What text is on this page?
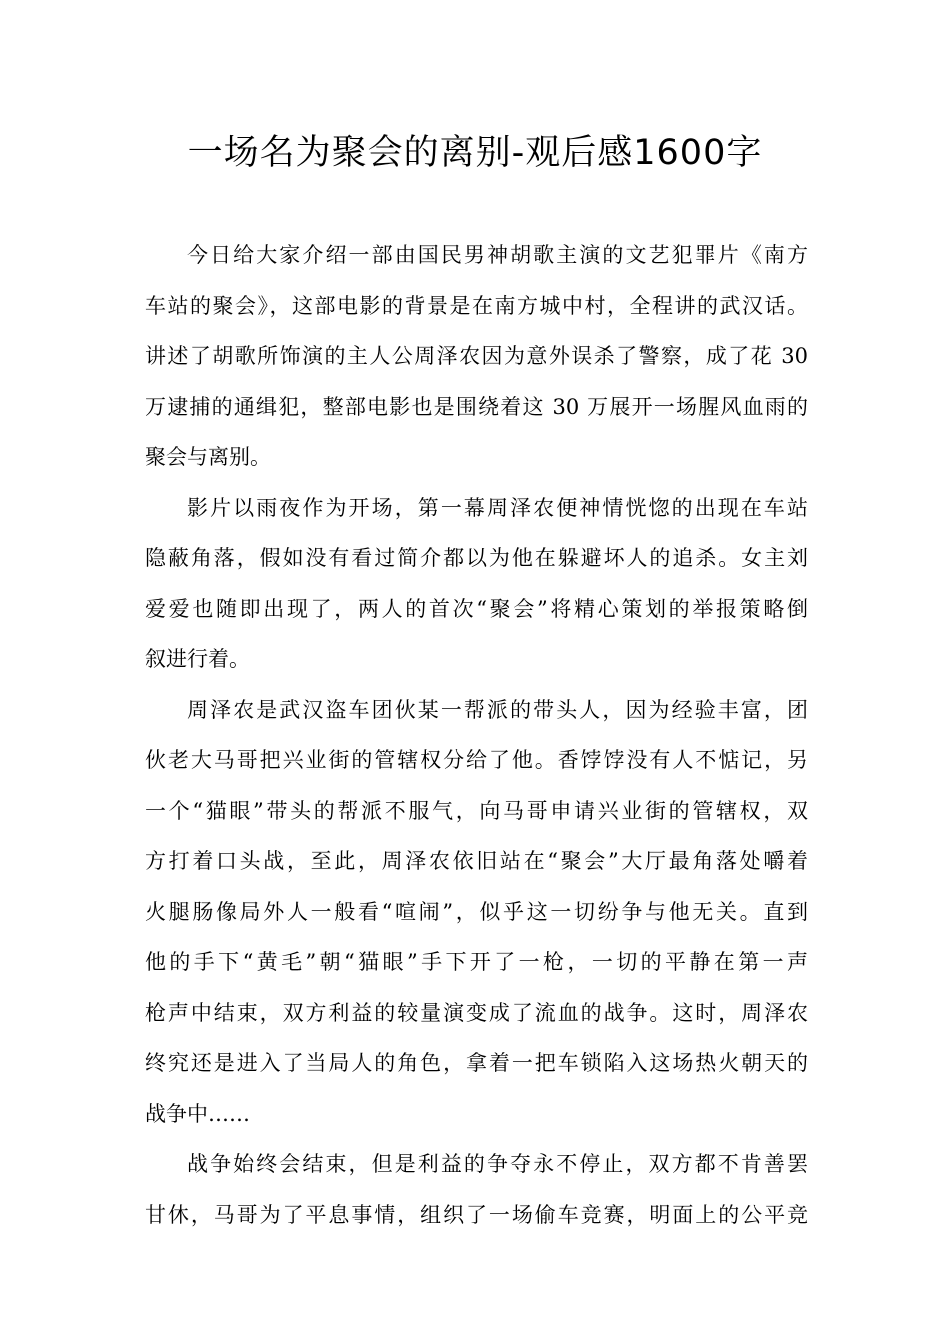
一场名为聚会的离别-观后感1600字
今日给大家介绍一部由国民男神胡歌主演的文艺犯罪片《南方
车站的聚会》，这部电影的背景是在南方城中村，全程讲的武汉话。
讲述了胡歌所饰演的主人公周泽农因为意外误杀了警察，成了花 30
万逮捕的通缉犯，整部电影也是围绕着这 30 万展开一场腥风血雨的
聚会与离别。
影片以雨夜作为开场，第一幕周泽农便神情恍惚的出现在车站
隐蔽角落，假如没有看过简介都以为他在躲避坏人的追杀。女主刘
爱爱也随即出现了，两人的首次“聚会”将精心策划的举报策略倒
叙进行着。
周泽农是武汉盗车团伙某一帮派的带头人，因为经验丰富，团
伙老大马哥把兴业街的管辖权分给了他。香饽饽没有人不惦记，另
一个“猫眼”带头的帮派不服气，向马哥申请兴业街的管辖权，双
方打着口头战，至此，周泽农依旧站在“聚会”大厅最角落处嚼着
火腿肠像局外人一般看“喧闹”，似乎这一切纷争与他无关。直到
他的手下“黄毛”朝“猫眼”手下开了一枪，一切的平静在第一声
枪声中结束，双方利益的较量演变成了流血的战争。这时，周泽农
终究还是进入了当局人的角色，拿着一把车锁陷入这场热火朝天的
战争中……
战争始终会结束，但是利益的争夺永不停止，双方都不肯善罢
甘休，马哥为了平息事情，组织了一场偷车竞赛，明面上的公平竞
